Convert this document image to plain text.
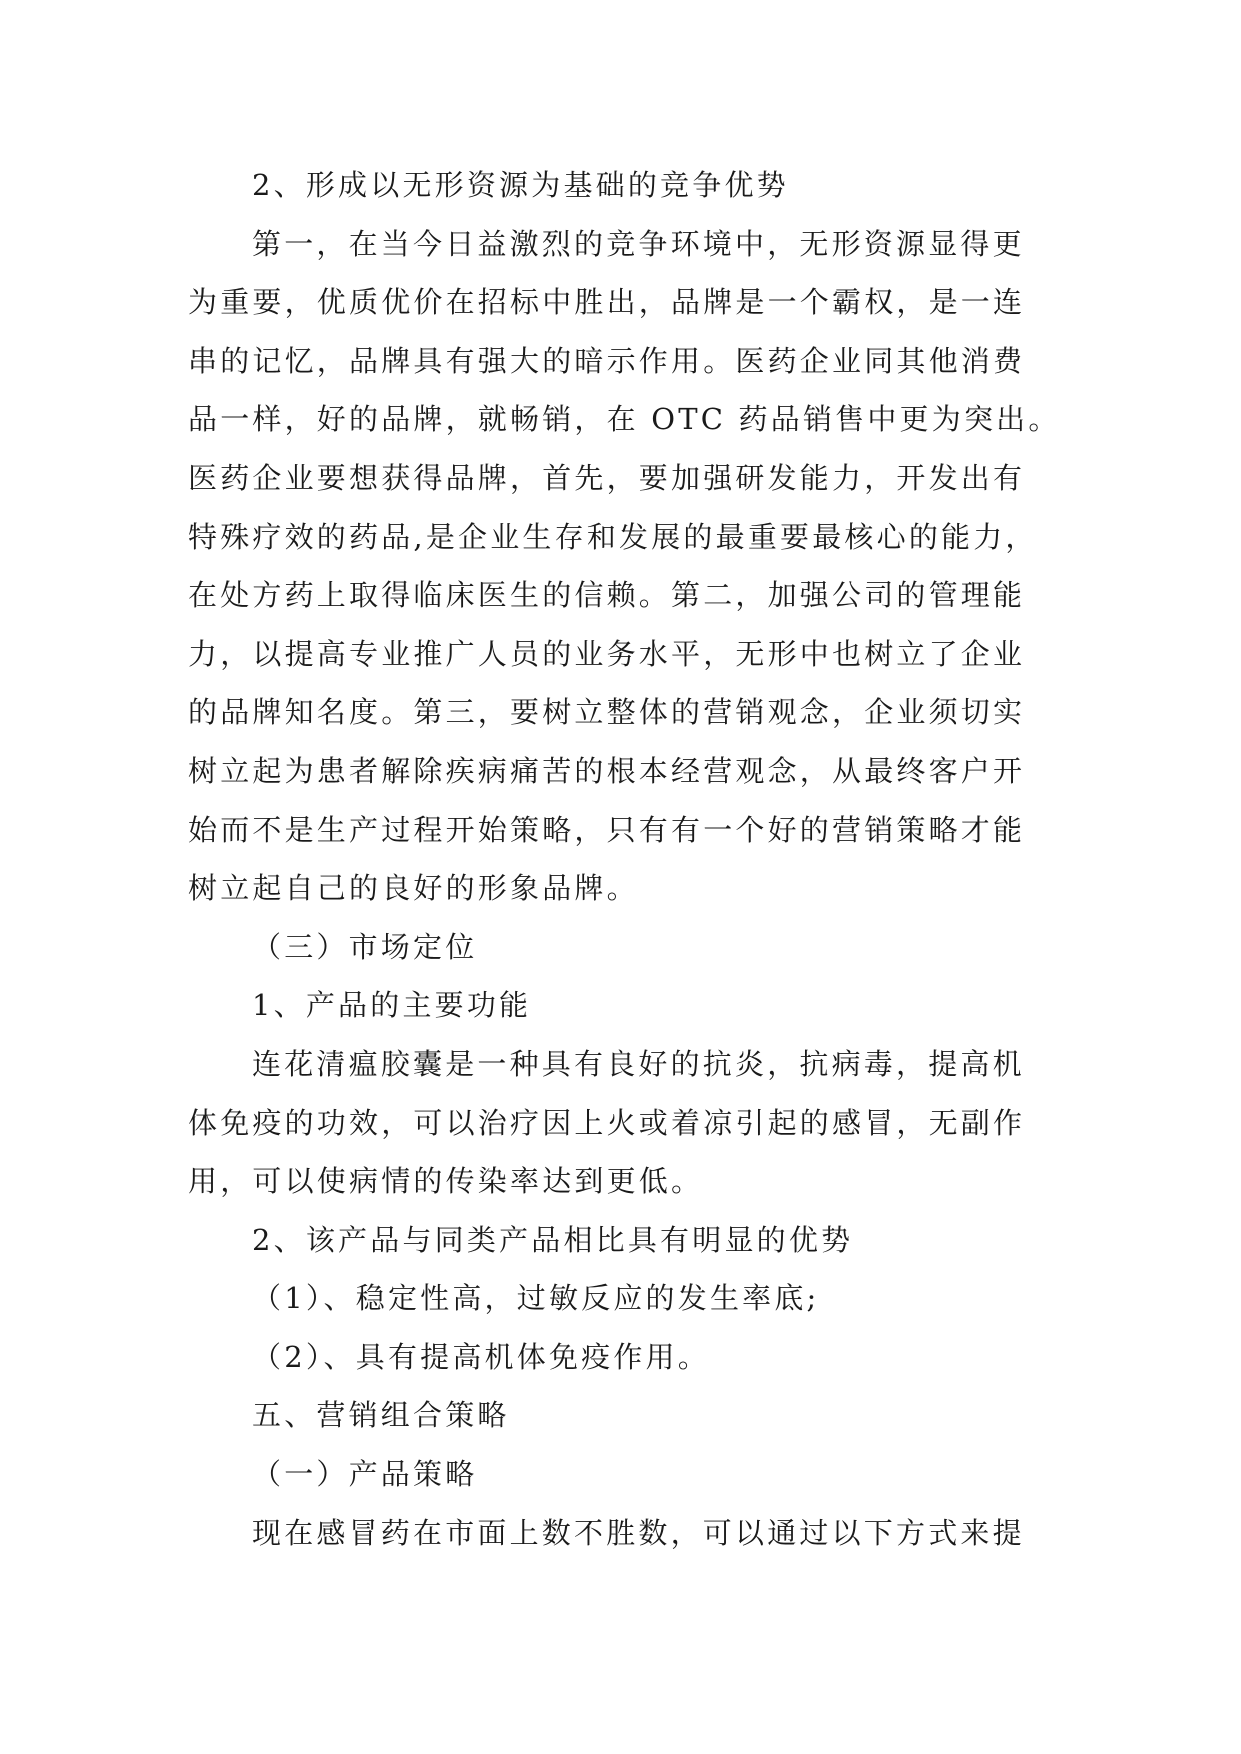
2、形成以无形资源为基础的竞争优势
第一，在当今日益激烈的竞争环境中，无形资源显得更
为重要，优质优价在招标中胜出，品牌是一个霸权，是一连
串的记忆，品牌具有强大的暗示作用。医药企业同其他消费
品一样，好的品牌，就畅销，在 OTC 药品销售中更为突出。
医药企业要想获得品牌，首先，要加强研发能力，开发出有
特殊疗效的药品,是企业生存和发展的最重要最核心的能力，
在处方药上取得临床医生的信赖。第二，加强公司的管理能
力，以提高专业推广人员的业务水平，无形中也树立了企业
的品牌知名度。第三，要树立整体的营销观念，企业须切实
树立起为患者解除疾病痛苦的根本经营观念，从最终客户开
始而不是生产过程开始策略，只有有一个好的营销策略才能
树立起自己的良好的形象品牌。
（三）市场定位
1、产品的主要功能
连花清瘟胶囊是一种具有良好的抗炎，抗病毒，提高机
体免疫的功效，可以治疗因上火或着凉引起的感冒，无副作
用，可以使病情的传染率达到更低。
2、该产品与同类产品相比具有明显的优势
（1）、稳定性高，过敏反应的发生率底;
（2）、具有提高机体免疫作用。
五、营销组合策略
（一）产品策略
现在感冒药在市面上数不胜数，可以通过以下方式来提
